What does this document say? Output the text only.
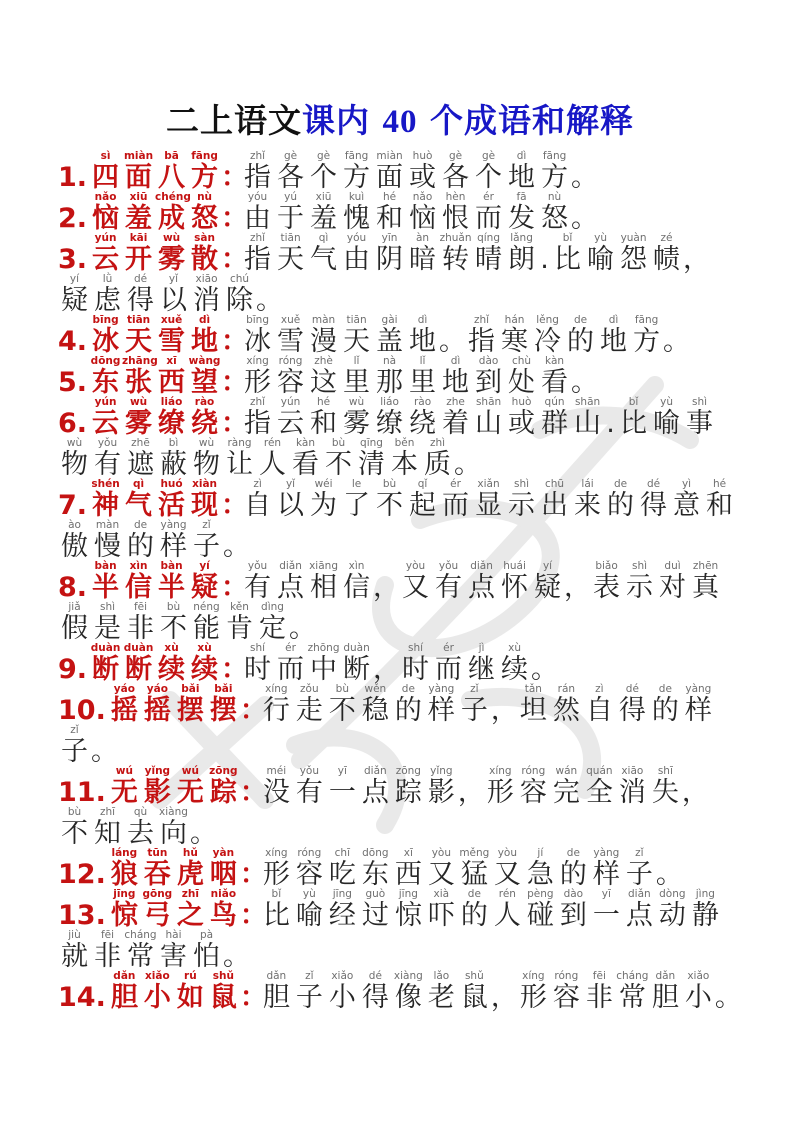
二上语文课内 40 个成语和解释

1.
sì
四
miàn
面
bā
八
fāng
方
：
zhǐ
指
gè
各
gè
个
fāng
方
miàn
面
huò
或
gè
各
gè
个
dì
地
fāng
方
。

2.
nǎo
恼
xiū
羞
chéng
成
nù
怒
：
yóu
由
yú
于
xiū
羞
kuì
愧
hé
和
nǎo
恼
hèn
恨
ér
而
fā
发
nù
怒
。

3.
yún
云
kāi
开
wù
雾
sàn
散
：
zhǐ
指
tiān
天
qì
气
yóu
由
yīn
阴
àn
暗
zhuǎn
转
qíng
晴
lǎng
朗
.
bǐ
比
yù
喻
yuàn
怨
zé
帻
，
yí
疑
lǜ
虑
dé
得
yǐ
以
xiāo
消
chú
除
。

4.
bīng
冰
tiān
天
xuě
雪
dì
地
：
bīng
冰
xuě
雪
màn
漫
tiān
天
gài
盖
dì
地
。
zhǐ
指
hán
寒
lěng
冷
de
的
dì
地
fāng
方
。

5.
dōng
东
zhāng
张
xī
西
wàng
望
：
xíng
形
róng
容
zhè
这
lǐ
里
nà
那
lǐ
里
dì
地
dào
到
chù
处
kàn
看
。

6.
yún
云
wù
雾
liáo
缭
rào
绕
：
zhǐ
指
yún
云
hé
和
wù
雾
liáo
缭
rào
绕
zhe
着
shān
山
huò
或
qún
群
shān
山
.
bǐ
比
yù
喻
shì
事
wù
物
yǒu
有
zhē
遮
bì
蔽
wù
物
ràng
让
rén
人
kàn
看
bù
不
qīng
清
běn
本
zhì
质
。

7.
shén
神
qì
气
huó
活
xiàn
现
：
zì
自
yǐ
以
wéi
为
le
了
bù
不
qǐ
起
ér
而
xiǎn
显
shì
示
chū
出
lái
来
de
的
dé
得
yì
意
hé
和
ào
傲
màn
慢
de
的
yàng
样
zǐ
子
。

8.
bàn
半
xìn
信
bàn
半
yí
疑
：
yǒu
有
diǎn
点
xiāng
相
xìn
信
，
yòu
又
yǒu
有
diǎn
点
huái
怀
yí
疑
，
biǎo
表
shì
示
duì
对
zhēn
真
jiǎ
假
shì
是
fēi
非
bù
不
néng
能
kěn
肯
dìng
定
。

9.
duàn
断
duàn
断
xù
续
xù
续
：
shí
时
ér
而
zhōng
中
duàn
断
，
shí
时
ér
而
jì
继
xù
续
。

10.
yáo
摇
yáo
摇
bǎi
摆
bǎi
摆
：
xíng
行
zǒu
走
bù
不
wěn
稳
de
的
yàng
样
zǐ
子
，
tǎn
坦
rán
然
zì
自
dé
得
de
的
yàng
样
zǐ
子
。

11.
wú
无
yǐng
影
wú
无
zōng
踪
：
méi
没
yǒu
有
yī
一
diǎn
点
zōng
踪
yǐng
影
，
xíng
形
róng
容
wán
完
quán
全
xiāo
消
shī
失
，
bù
不
zhī
知
qù
去
xiàng
向
。

12.
láng
狼
tūn
吞
hǔ
虎
yàn
咽
：
xíng
形
róng
容
chī
吃
dōng
东
xī
西
yòu
又
měng
猛
yòu
又
jí
急
de
的
yàng
样
zǐ
子
。

13.
jīng
惊
gōng
弓
zhī
之
niǎo
鸟
：
bǐ
比
yù
喻
jīng
经
guò
过
jīng
惊
xià
吓
de
的
rén
人
pèng
碰
dào
到
yī
一
diǎn
点
dòng
动
jìng
静
jiù
就
fēi
非
cháng
常
hài
害
pà
怕
。

14.
dǎn
胆
xiǎo
小
rú
如
shǔ
鼠
：
dǎn
胆
zǐ
子
xiǎo
小
dé
得
xiàng
像
lǎo
老
shǔ
鼠
，
xíng
形
róng
容
fēi
非
cháng
常
dǎn
胆
xiǎo
小
。
